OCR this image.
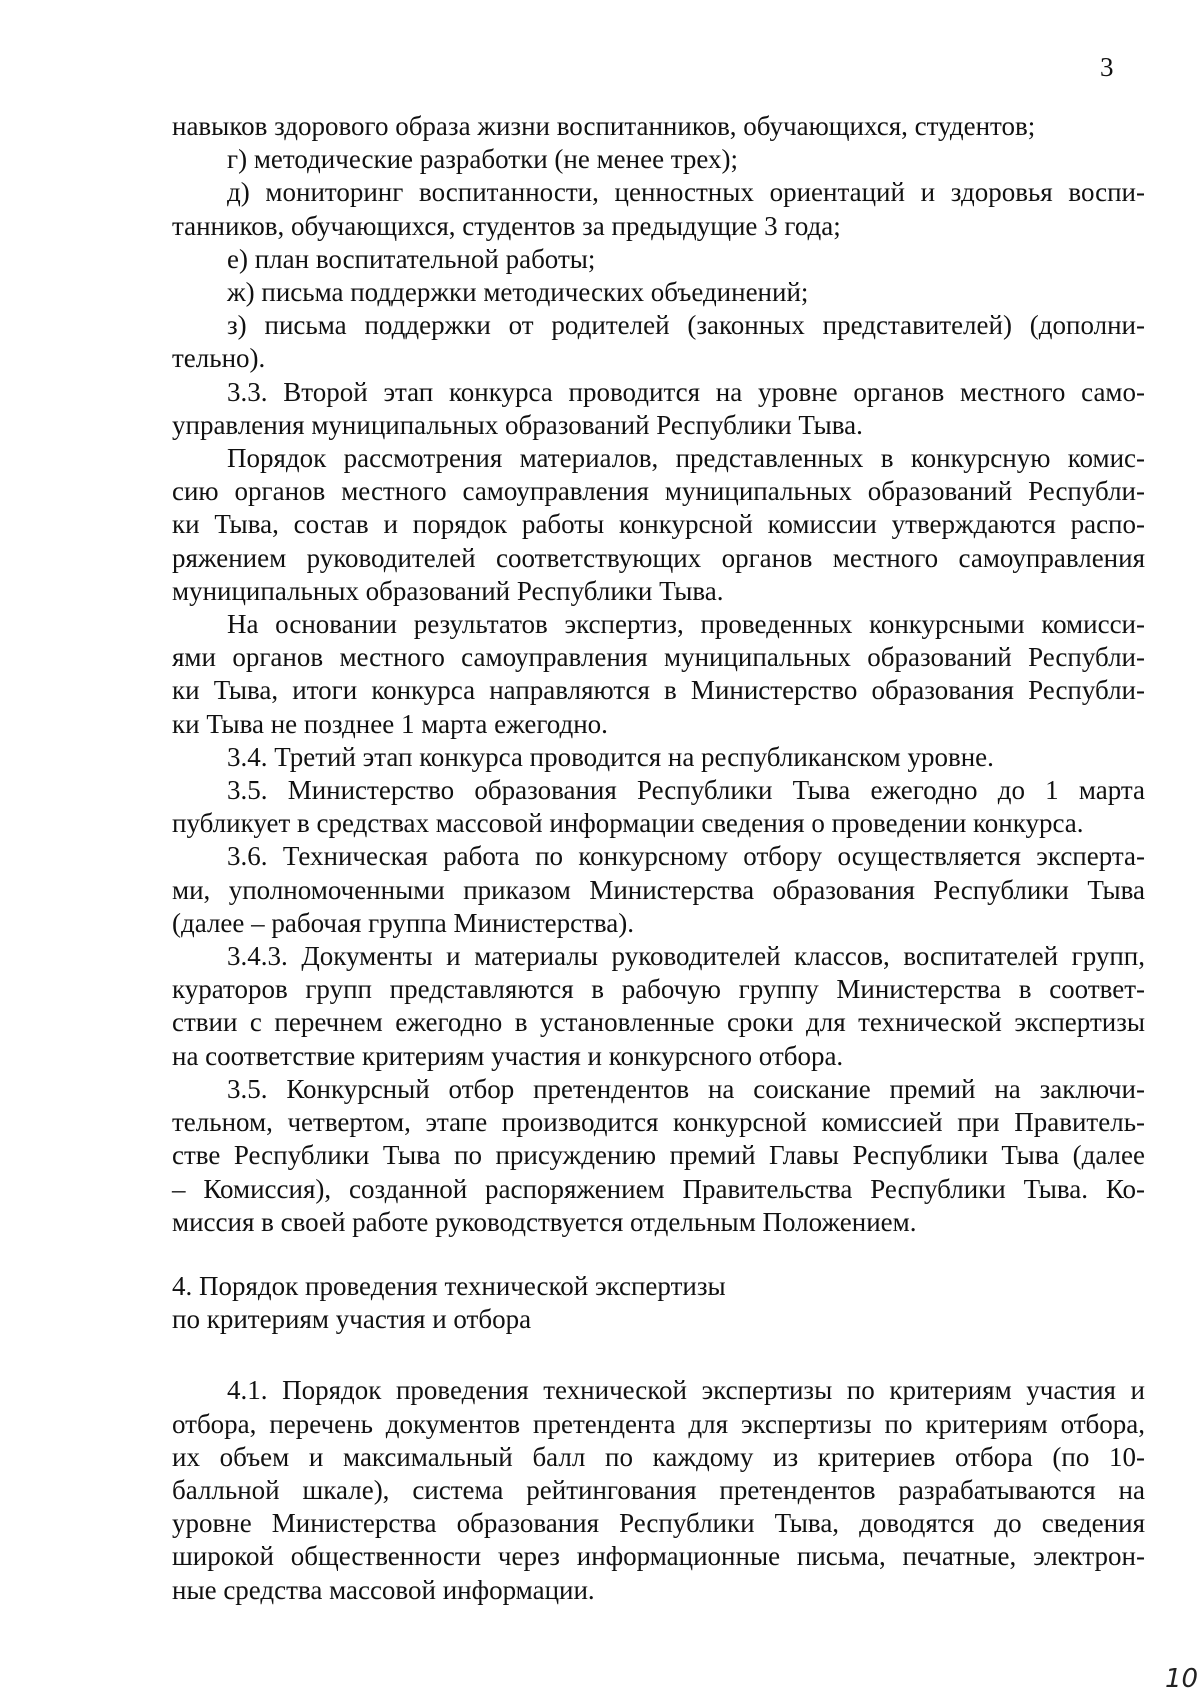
3
навыков здорового образа жизни воспитанников, обучающихся, студентов;
г) методические разработки (не менее трех);
д) мониторинг воспитанности, ценностных ориентаций и здоровья воспи-
танников, обучающихся, студентов за предыдущие 3 года;
е) план воспитательной работы;
ж) письма поддержки методических объединений;
з) письма поддержки от родителей (законных представителей) (дополни-
тельно).
3.3. Второй этап конкурса проводится на уровне органов местного само-
управления муниципальных образований Республики Тыва.
Порядок рассмотрения материалов, представленных в конкурсную комис-
сию органов местного самоуправления муниципальных образований Республи-
ки Тыва, состав и порядок работы конкурсной комиссии утверждаются распо-
ряжением руководителей соответствующих органов местного самоуправления
муниципальных образований Республики Тыва.
На основании результатов экспертиз, проведенных конкурсными комисси-
ями органов местного самоуправления муниципальных образований Республи-
ки Тыва, итоги конкурса направляются в Министерство образования Республи-
ки Тыва не позднее 1 марта ежегодно.
3.4. Третий этап конкурса проводится на республиканском уровне.
3.5. Министерство образования Республики Тыва ежегодно до 1 марта
публикует в средствах массовой информации сведения о проведении конкурса.
3.6. Техническая работа по конкурсному отбору осуществляется эксперта-
ми, уполномоченными приказом Министерства образования Республики Тыва
(далее – рабочая группа Министерства).
3.4.3. Документы и материалы руководителей классов, воспитателей групп,
кураторов групп представляются в рабочую группу Министерства в соответ-
ствии с перечнем ежегодно в установленные сроки для технической экспертизы
на соответствие критериям участия и конкурсного отбора.
3.5. Конкурсный отбор претендентов на соискание премий на заключи-
тельном, четвертом, этапе производится конкурсной комиссией при Правитель-
стве Республики Тыва по присуждению премий Главы Республики Тыва (далее
– Комиссия), созданной распоряжением Правительства Республики Тыва. Ко-
миссия в своей работе руководствуется отдельным Положением.

4. Порядок проведения технической экспертизы

по критериям участия и отбора

4.1. Порядок проведения технической экспертизы по критериям участия и
отбора, перечень документов претендента для экспертизы по критериям отбора,
их объем и максимальный балл по каждому из критериев отбора (по 10-
балльной шкале), система рейтингования претендентов разрабатываются на
уровне Министерства образования Республики Тыва, доводятся до сведения
широкой общественности через информационные письма, печатные, электрон-
ные средства массовой информации.
10
